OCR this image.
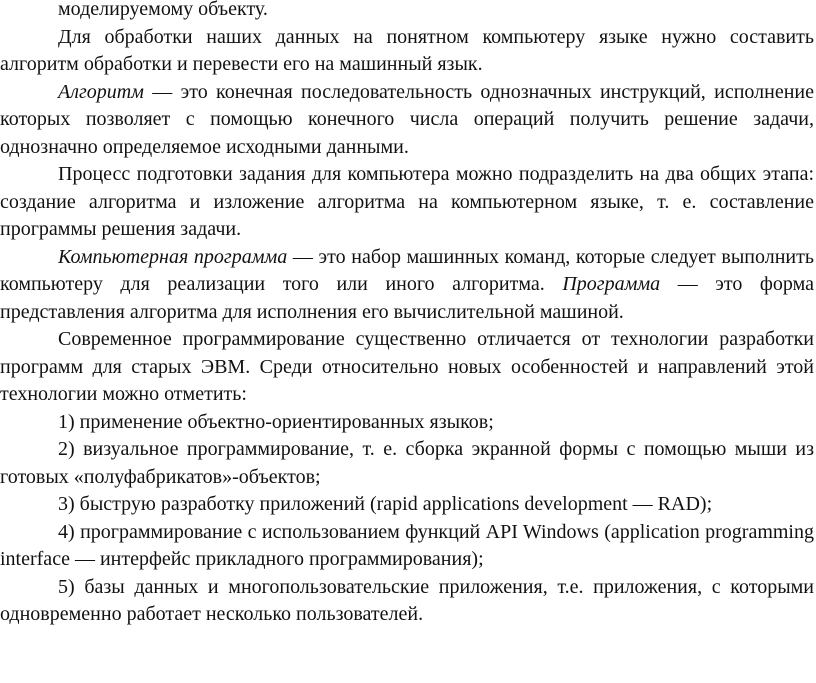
моделируемому объекту.

Для обработки наших данных на понятном компьютеру языке нужно составить алгоритм обработки и перевести его на машинный язык.

Алгоритм — это конечная последовательность однозначных инструкций, исполнение которых позволяет с помощью конечного числа операций получить решение задачи, однозначно определяемое исходными данными.

Процесс подготовки задания для компьютера можно подразделить на два общих этапа: создание алгоритма и изложение алгоритма на компьютерном языке, т. е. составление программы решения задачи.

Компьютерная программа — это набор машинных команд, которые следует выполнить компьютеру для реализации того или иного алгоритма. Программа — это форма представления алгоритма для исполнения его вычислительной машиной.

Современное программирование существенно отличается от технологии разработки программ для старых ЭВМ. Среди относительно новых особенностей и направлений этой технологии можно отметить:

1) применение объектно-ориентированных языков;

2) визуальное программирование, т. е. сборка экранной формы с помощью мыши из готовых «полуфабрикатов»-объектов;

3) быструю разработку приложений (rapid applications development — RAD);

4) программирование с использованием функций API Windows (application programming interface — интерфейс прикладного программирования);

5) базы данных и многопользовательские приложения, т.е. приложения, с которыми одновременно работает несколько пользователей.
